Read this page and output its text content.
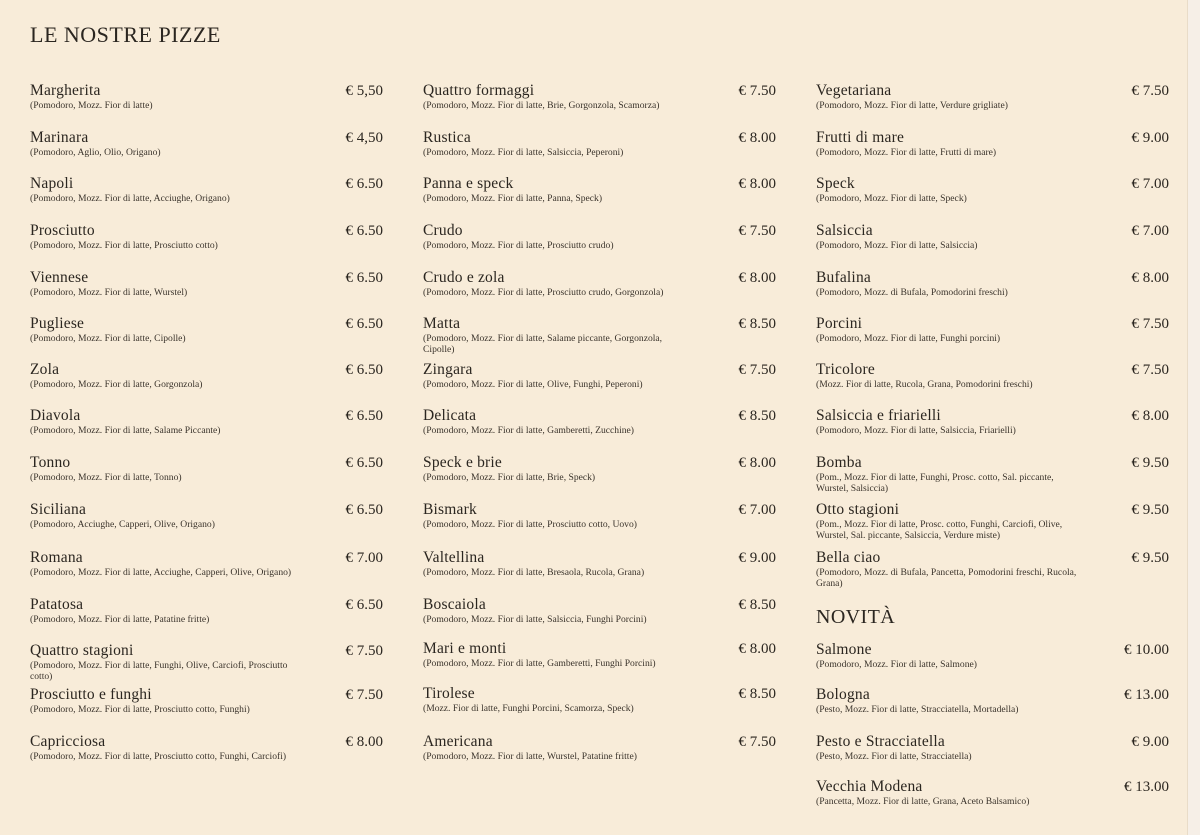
LE NOSTRE PIZZE
Margherita
(Pomodoro, Mozz. Fior di latte)
€ 5,50
Marinara
(Pomodoro, Aglio, Olio, Origano)
€ 4,50
Napoli
(Pomodoro, Mozz. Fior di latte, Acciughe, Origano)
€ 6.50
Prosciutto
(Pomodoro, Mozz. Fior di latte, Prosciutto cotto)
€ 6.50
Viennese
(Pomodoro, Mozz. Fior di latte, Wurstel)
€ 6.50
Pugliese
(Pomodoro, Mozz. Fior di latte, Cipolle)
€ 6.50
Zola
(Pomodoro, Mozz. Fior di latte, Gorgonzola)
€ 6.50
Diavola
(Pomodoro, Mozz. Fior di latte, Salame Piccante)
€ 6.50
Tonno
(Pomodoro, Mozz. Fior di latte, Tonno)
€ 6.50
Siciliana
(Pomodoro, Acciughe, Capperi, Olive, Origano)
€ 6.50
Romana
(Pomodoro, Mozz. Fior di latte, Acciughe, Capperi, Olive, Origano)
€ 7.00
Patatosa
(Pomodoro, Mozz. Fior di latte, Patatine fritte)
€ 6.50
Quattro stagioni
(Pomodoro, Mozz. Fior di latte, Funghi, Olive, Carciofi, Prosciutto cotto)
€ 7.50
Prosciutto e funghi
(Pomodoro, Mozz. Fior di latte, Prosciutto cotto, Funghi)
€ 7.50
Capricciosa
(Pomodoro, Mozz. Fior di latte, Prosciutto cotto, Funghi, Carciofi)
€ 8.00
Quattro formaggi
(Pomodoro, Mozz. Fior di latte, Brie, Gorgonzola, Scamorza)
€ 7.50
Rustica
(Pomodoro, Mozz. Fior di latte, Salsiccia, Peperoni)
€ 8.00
Panna e speck
(Pomodoro, Mozz. Fior di latte, Panna, Speck)
€ 8.00
Crudo
(Pomodoro, Mozz. Fior di latte, Prosciutto crudo)
€ 7.50
Crudo e zola
(Pomodoro, Mozz. Fior di latte, Prosciutto crudo, Gorgonzola)
€ 8.00
Matta
(Pomodoro, Mozz. Fior di latte, Salame piccante, Gorgonzola, Cipolle)
€ 8.50
Zingara
(Pomodoro, Mozz. Fior di latte, Olive, Funghi, Peperoni)
€ 7.50
Delicata
(Pomodoro, Mozz. Fior di latte, Gamberetti, Zucchine)
€ 8.50
Speck e brie
(Pomodoro, Mozz. Fior di latte, Brie, Speck)
€ 8.00
Bismark
(Pomodoro, Mozz. Fior di latte, Prosciutto cotto, Uovo)
€ 7.00
Valtellina
(Pomodoro, Mozz. Fior di latte, Bresaola, Rucola, Grana)
€ 9.00
Boscaiola
(Pomodoro, Mozz. Fior di latte, Salsiccia, Funghi Porcini)
€ 8.50
Mari e monti
(Pomodoro, Mozz. Fior di latte, Gamberetti, Funghi Porcini)
€ 8.00
Tirolese
(Mozz. Fior di latte, Funghi Porcini, Scamorza, Speck)
€ 8.50
Americana
(Pomodoro, Mozz. Fior di latte, Wurstel, Patatine fritte)
€ 7.50
Vegetariana
(Pomodoro, Mozz. Fior di latte, Verdure grigliate)
€ 7.50
Frutti di mare
(Pomodoro, Mozz. Fior di latte, Frutti di mare)
€ 9.00
Speck
(Pomodoro, Mozz. Fior di latte, Speck)
€ 7.00
Salsiccia
(Pomodoro, Mozz. Fior di latte, Salsiccia)
€ 7.00
Bufalina
(Pomodoro, Mozz. di Bufala, Pomodorini freschi)
€ 8.00
Porcini
(Pomodoro, Mozz. Fior di latte, Funghi porcini)
€ 7.50
Tricolore
(Mozz. Fior di latte, Rucola, Grana, Pomodorini freschi)
€ 7.50
Salsiccia e friarielli
(Pomodoro, Mozz. Fior di latte, Salsiccia, Friarielli)
€ 8.00
Bomba
(Pom., Mozz. Fior di latte, Funghi, Prosc. cotto, Sal. piccante, Wurstel, Salsiccia)
€ 9.50
Otto stagioni
(Pom., Mozz. Fior di latte, Prosc. cotto, Funghi, Carciofi, Olive, Wurstel, Sal. piccante, Salsiccia, Verdure miste)
€ 9.50
Bella ciao
(Pomodoro, Mozz. di Bufala, Pancetta, Pomodorini freschi, Rucola, Grana)
€ 9.50
NOVITÀ
Salmone
(Pomodoro, Mozz. Fior di latte, Salmone)
€ 10.00
Bologna
(Pesto, Mozz. Fior di latte, Stracciatella, Mortadella)
€ 13.00
Pesto e Stracciatella
(Pesto, Mozz. Fior di latte, Stracciatella)
€ 9.00
Vecchia Modena
(Pancetta, Mozz. Fior di latte, Grana, Aceto Balsamico)
€ 13.00
